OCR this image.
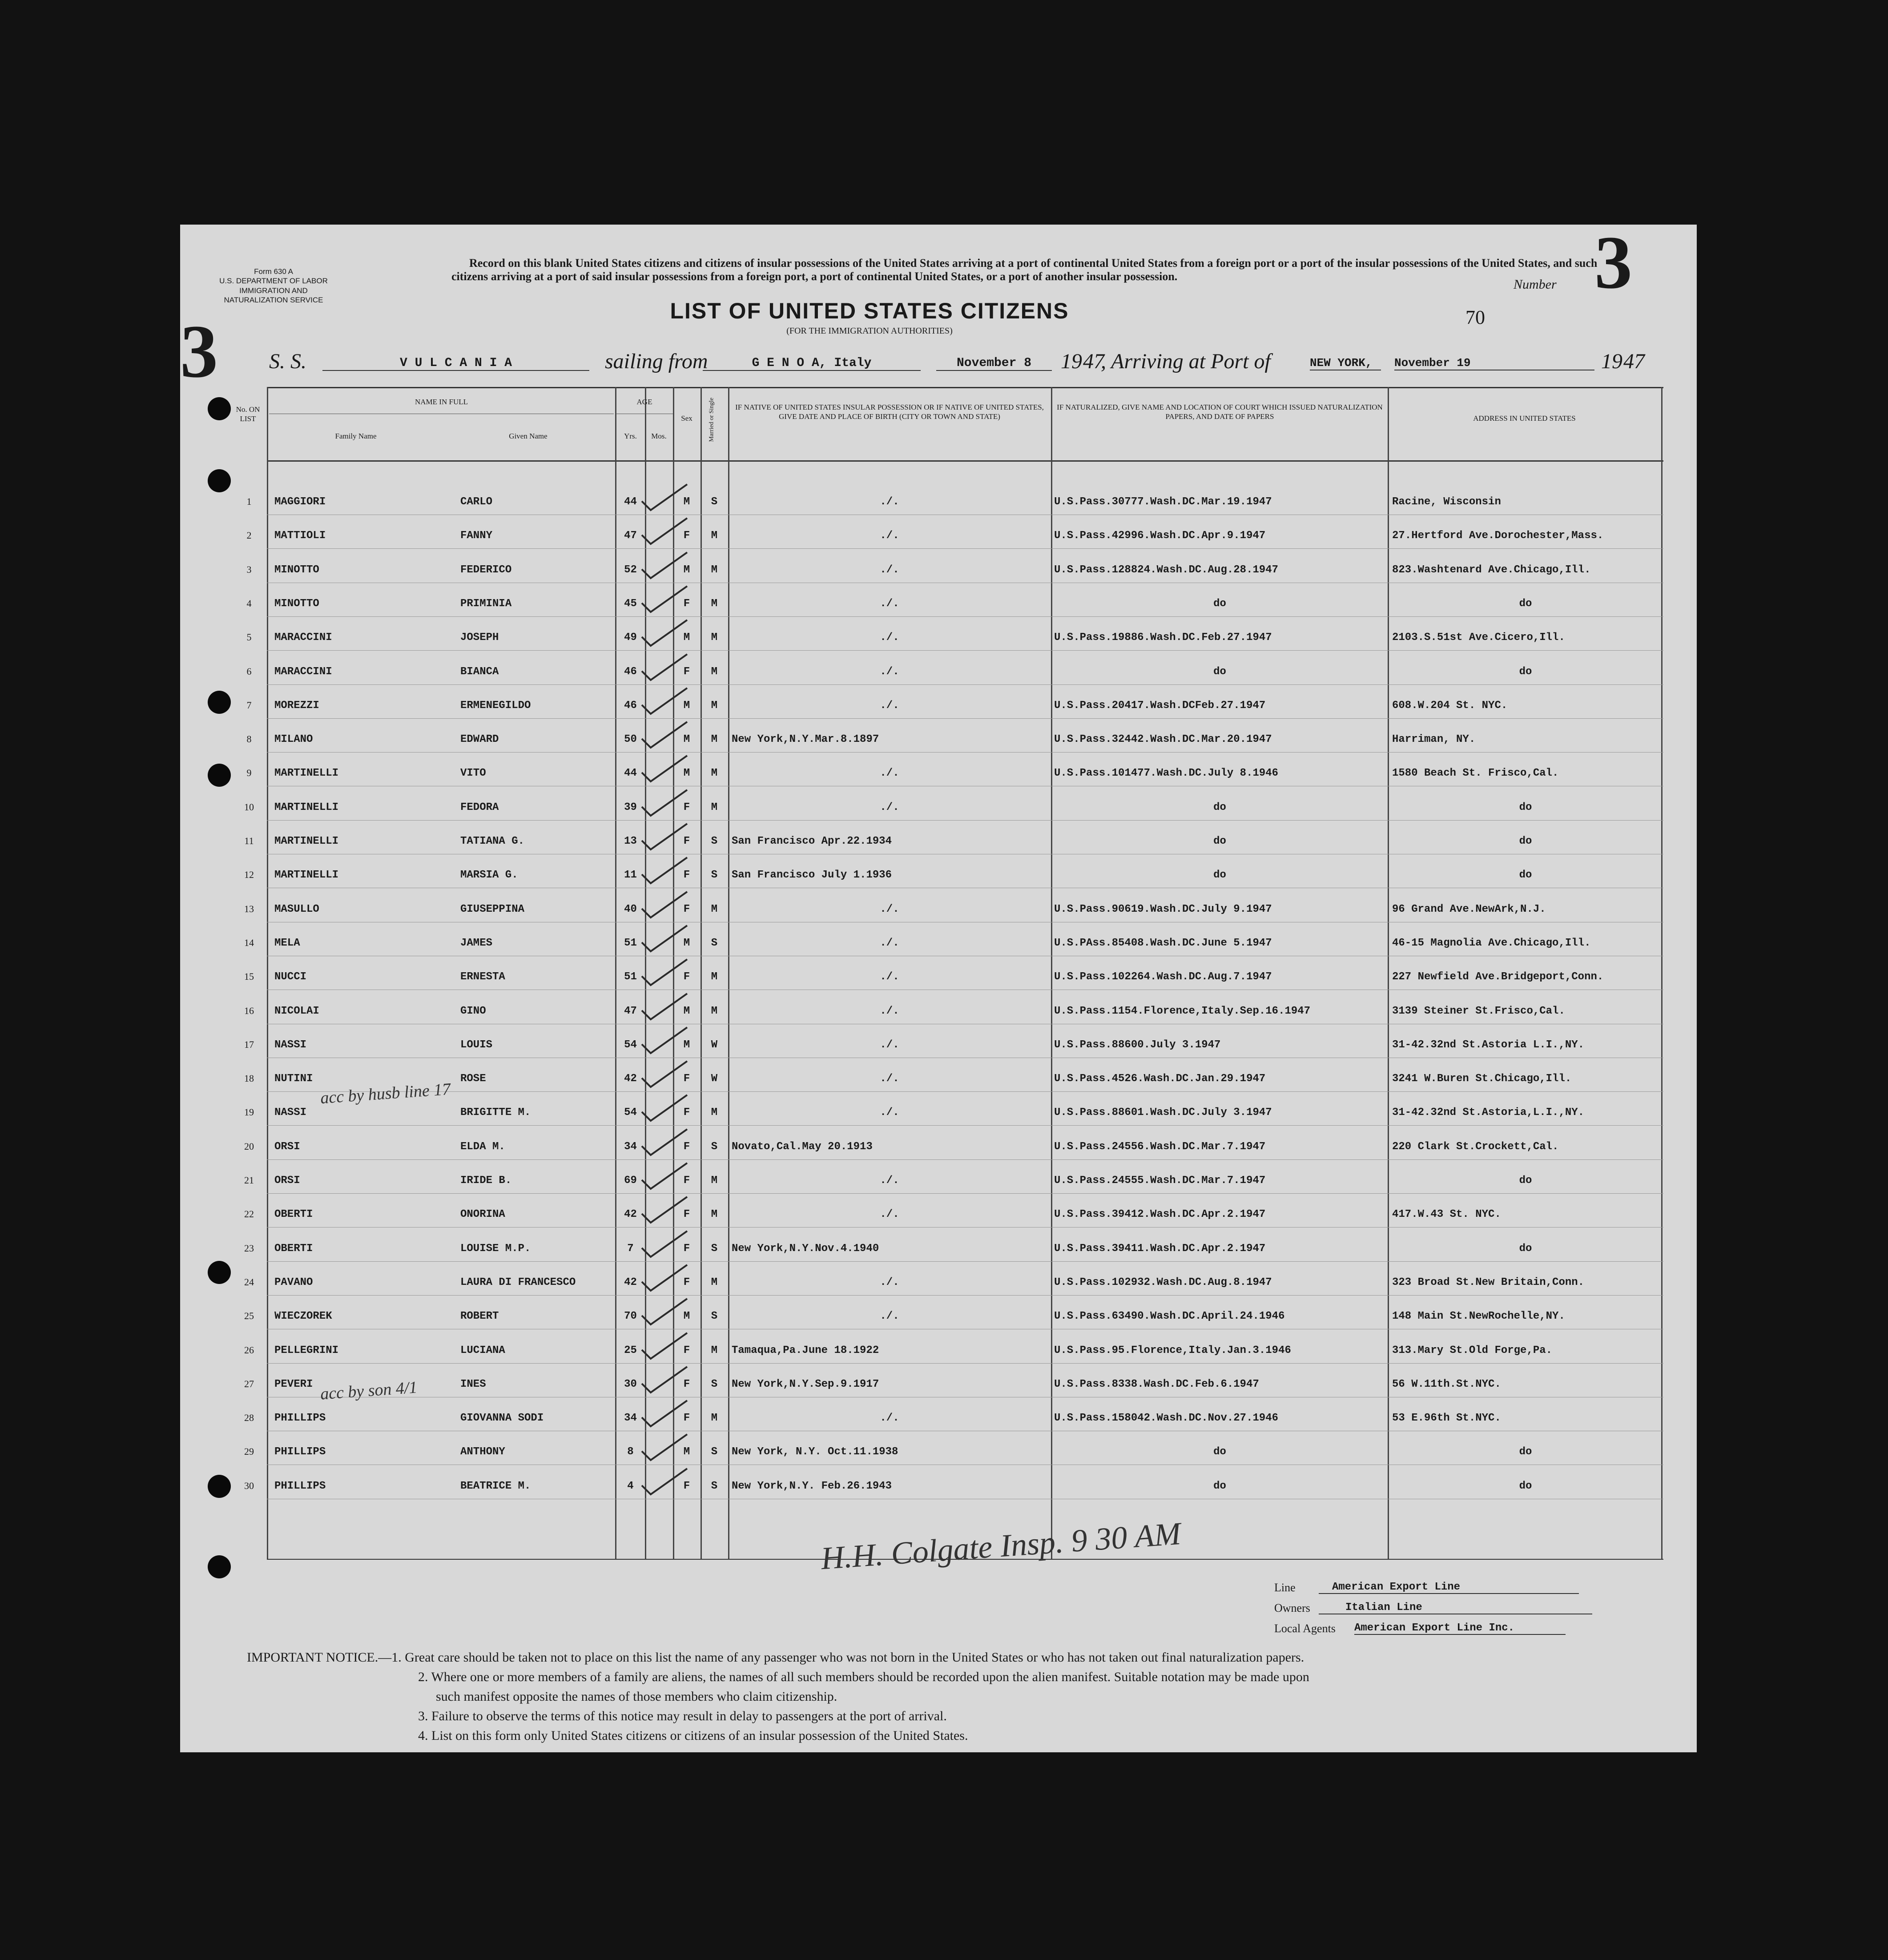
Form 630 A
U.S. DEPARTMENT OF LABOR
IMMIGRATION AND NATURALIZATION SERVICE
3
Record on this blank United States citizens and citizens of insular possessions of the United States arriving at a port of continental United States from a foreign port or a port of the insular possessions of the United States, and such citizens arriving at a port of said insular possessions from a foreign port, a port of continental United States, or a port of another insular possession.
Number 3
70
LIST OF UNITED STATES CITIZENS
(FOR THE IMMIGRATION AUTHORITIES)
S. S.	V U L C A N I A	sailing from	G E N O A, Italy	November 8	19 47
, Arriving at Port of	NEW YORK,	November 19	19 47
No. ON LIST
NAME IN FULL
Family Name	Given Name
AGE
Yrs.	Mos.
Sex	Married or Single	IF NATIVE OF UNITED STATES INSULAR POSSESSION OR IF NATIVE OF UNITED STATES, GIVE DATE AND PLACE OF BIRTH (CITY OR TOWN AND STATE)
IF NATURALIZED, GIVE NAME AND LOCATION OF COURT WHICH ISSUED NATURALIZATION PAPERS, AND DATE OF PAPERS	ADDRESS IN UNITED STATES
1	MAGGIORI	CARLO	44	M	S	./.	U.S.Pass.30777.Wash.DC.Mar.19.1947	Racine, Wisconsin
2	MATTIOLI	FANNY	47	F	M	./.	U.S.Pass.42996.Wash.DC.Apr.9.1947	27.Hertford Ave.Dorochester,Mass.
3	MINOTTO	FEDERICO	52	M	M	./.	U.S.Pass.128824.Wash.DC.Aug.28.1947	823.Washtenard Ave.Chicago,Ill.
4	MINOTTO	PRIMINIA	45	F	M	./.	do	do
5	MARACCINI	JOSEPH	49	M	M	./.	U.S.Pass.19886.Wash.DC.Feb.27.1947	2103.S.51st Ave.Cicero,Ill.
6	MARACCINI	BIANCA	46	F	M	./.	do	do
7	MOREZZI	ERMENEGILDO	46	M	M	./.	U.S.Pass.20417.Wash.DCFeb.27.1947	608.W.204 St. NYC.
8	MILANO	EDWARD	50	M	M	New York,N.Y.Mar.8.1897	U.S.Pass.32442.Wash.DC.Mar.20.1947	Harriman, NY.
9	MARTINELLI	VITO	44	M	M	./.	U.S.Pass.101477.Wash.DC.July 8.1946	1580 Beach St. Frisco,Cal.
10	MARTINELLI	FEDORA	39	F	M	./.	do	do
11	MARTINELLI	TATIANA G.	13	F	S	San Francisco Apr.22.1934	do	do
12	MARTINELLI	MARSIA G.	11	F	S	San Francisco July 1.1936	do	do
13	MASULLO	GIUSEPPINA	40	F	M	./.	U.S.Pass.90619.Wash.DC.July 9.1947	96 Grand Ave.NewArk,N.J.
14	MELA	JAMES	51	M	S	./.	U.S.PAss.85408.Wash.DC.June 5.1947	46-15 Magnolia Ave.Chicago,Ill.
15	NUCCI	ERNESTA	51	F	M	./.	U.S.Pass.102264.Wash.DC.Aug.7.1947	227 Newfield Ave.Bridgeport,Conn.
16	NICOLAI	GINO	47	M	M	./.	U.S.Pass.1154.Florence,Italy.Sep.16.1947	3139 Steiner St.Frisco,Cal.
17	NASSI	LOUIS	54	M	W	./.	U.S.Pass.88600.July 3.1947	31-42.32nd St.Astoria L.I.,NY.
18	NUTINI	ROSE	42	F	W	./.	U.S.Pass.4526.Wash.DC.Jan.29.1947	3241 W.Buren St.Chicago,Ill.
19	NASSI	BRIGITTE M.	54	F	M	./.	U.S.Pass.88601.Wash.DC.July 3.1947	31-42.32nd St.Astoria,L.I.,NY.
20	ORSI	ELDA M.	34	F	S	Novato,Cal.May 20.1913	U.S.Pass.24556.Wash.DC.Mar.7.1947	220 Clark St.Crockett,Cal.
21	ORSI	IRIDE B.	69	F	M	./.	U.S.Pass.24555.Wash.DC.Mar.7.1947	do
22	OBERTI	ONORINA	42	F	M	./.	U.S.Pass.39412.Wash.DC.Apr.2.1947	417.W.43 St. NYC.
23	OBERTI	LOUISE M.P.	7	F	S	New York,N.Y.Nov.4.1940	U.S.Pass.39411.Wash.DC.Apr.2.1947	do
24	PAVANO	LAURA DI FRANCESCO	42	F	M	./.	U.S.Pass.102932.Wash.DC.Aug.8.1947	323 Broad St.New Britain,Conn.
25	WIECZOREK	ROBERT	70	M	S	./.	U.S.Pass.63490.Wash.DC.April.24.1946	148 Main St.NewRochelle,NY.
26	PELLEGRINI	LUCIANA	25	F	M	Tamaqua,Pa.June 18.1922	U.S.Pass.95.Florence,Italy.Jan.3.1946	313.Mary St.Old Forge,Pa.
27	PEVERI	INES	30	F	S	New York,N.Y.Sep.9.1917	U.S.Pass.8338.Wash.DC.Feb.6.1947	56 W.11th.St.NYC.
28	PHILLIPS	GIOVANNA SODI	34	F	M	./.	U.S.Pass.158042.Wash.DC.Nov.27.1946	53 E.96th St.NYC.
29	PHILLIPS	ANTHONY	8	M	S	New York, N.Y. Oct.11.1938	do	do
30	PHILLIPS	BEATRICE M.	4	F	S	New York,N.Y. Feb.26.1943	do	do
acc by husb line 17
acc by son 4/1
H.H. Colgate Insp. 9 30 AM
Line	American Export Line
Owners	Italian Line
Local Agents American Export Line Inc.
IMPORTANT NOTICE.—1. Great care should be taken not to place on this list the name of any passenger who was not born in the United States or who has not taken out final naturalization papers.
2. Where one or more members of a family are aliens, the names of all such members should be recorded upon the alien manifest. Suitable notation may be made upon
such manifest opposite the names of those members who claim citizenship.
3. Failure to observe the terms of this notice may result in delay to passengers at the port of arrival.
4. List on this form only United States citizens or citizens of an insular possession of the United States.
